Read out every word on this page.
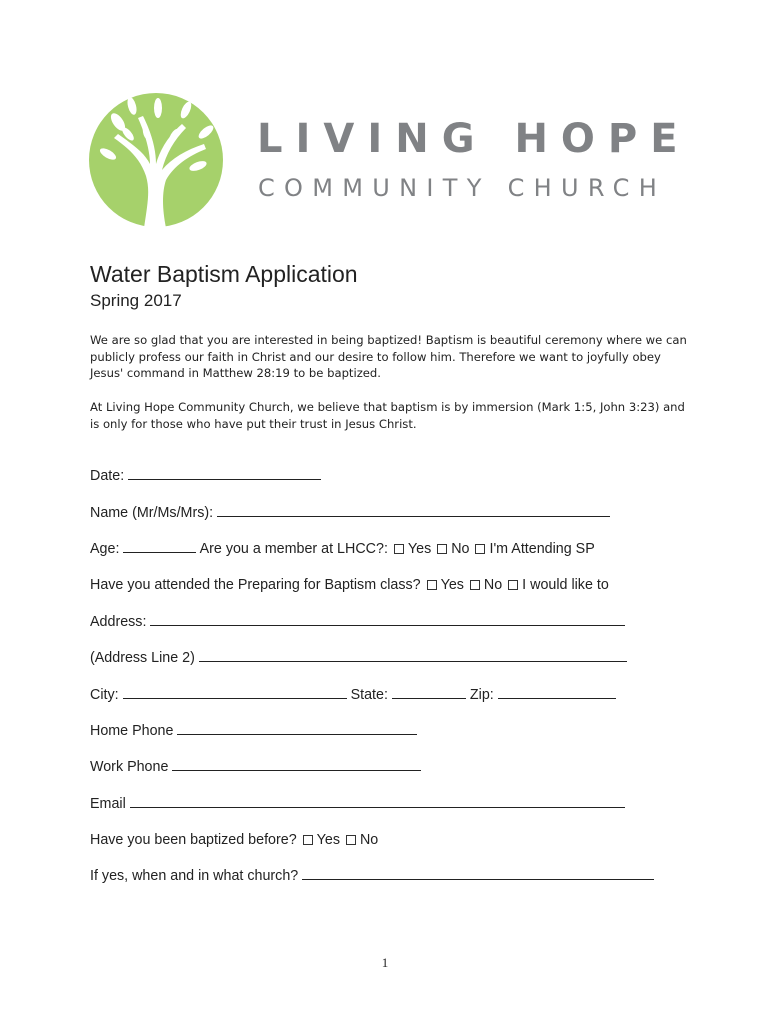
LIVING HOPE
COMMUNITY CHURCH
Water Baptism Application
Spring 2017
We are so glad that you are interested in being baptized! Baptism is beautiful ceremony where we can publicly profess our faith in Christ and our desire to follow him. Therefore we want to joyfully obey Jesus' command in Matthew 28:19 to be baptized.
At Living Hope Community Church, we believe that baptism is by immersion (Mark 1:5, John 3:23) and is only for those who have put their trust in Jesus Christ.
Date:
Name (Mr/Ms/Mrs):
Age:	Are you a member at LHCC?: Yes No I'm Attending SP
Have you attended the Preparing for Baptism class? Yes No I would like to
Address:
(Address Line 2)
City:	State:	Zip:
Home Phone
Work Phone
Email
Have you been baptized before? Yes No
If yes, when and in what church?
1
